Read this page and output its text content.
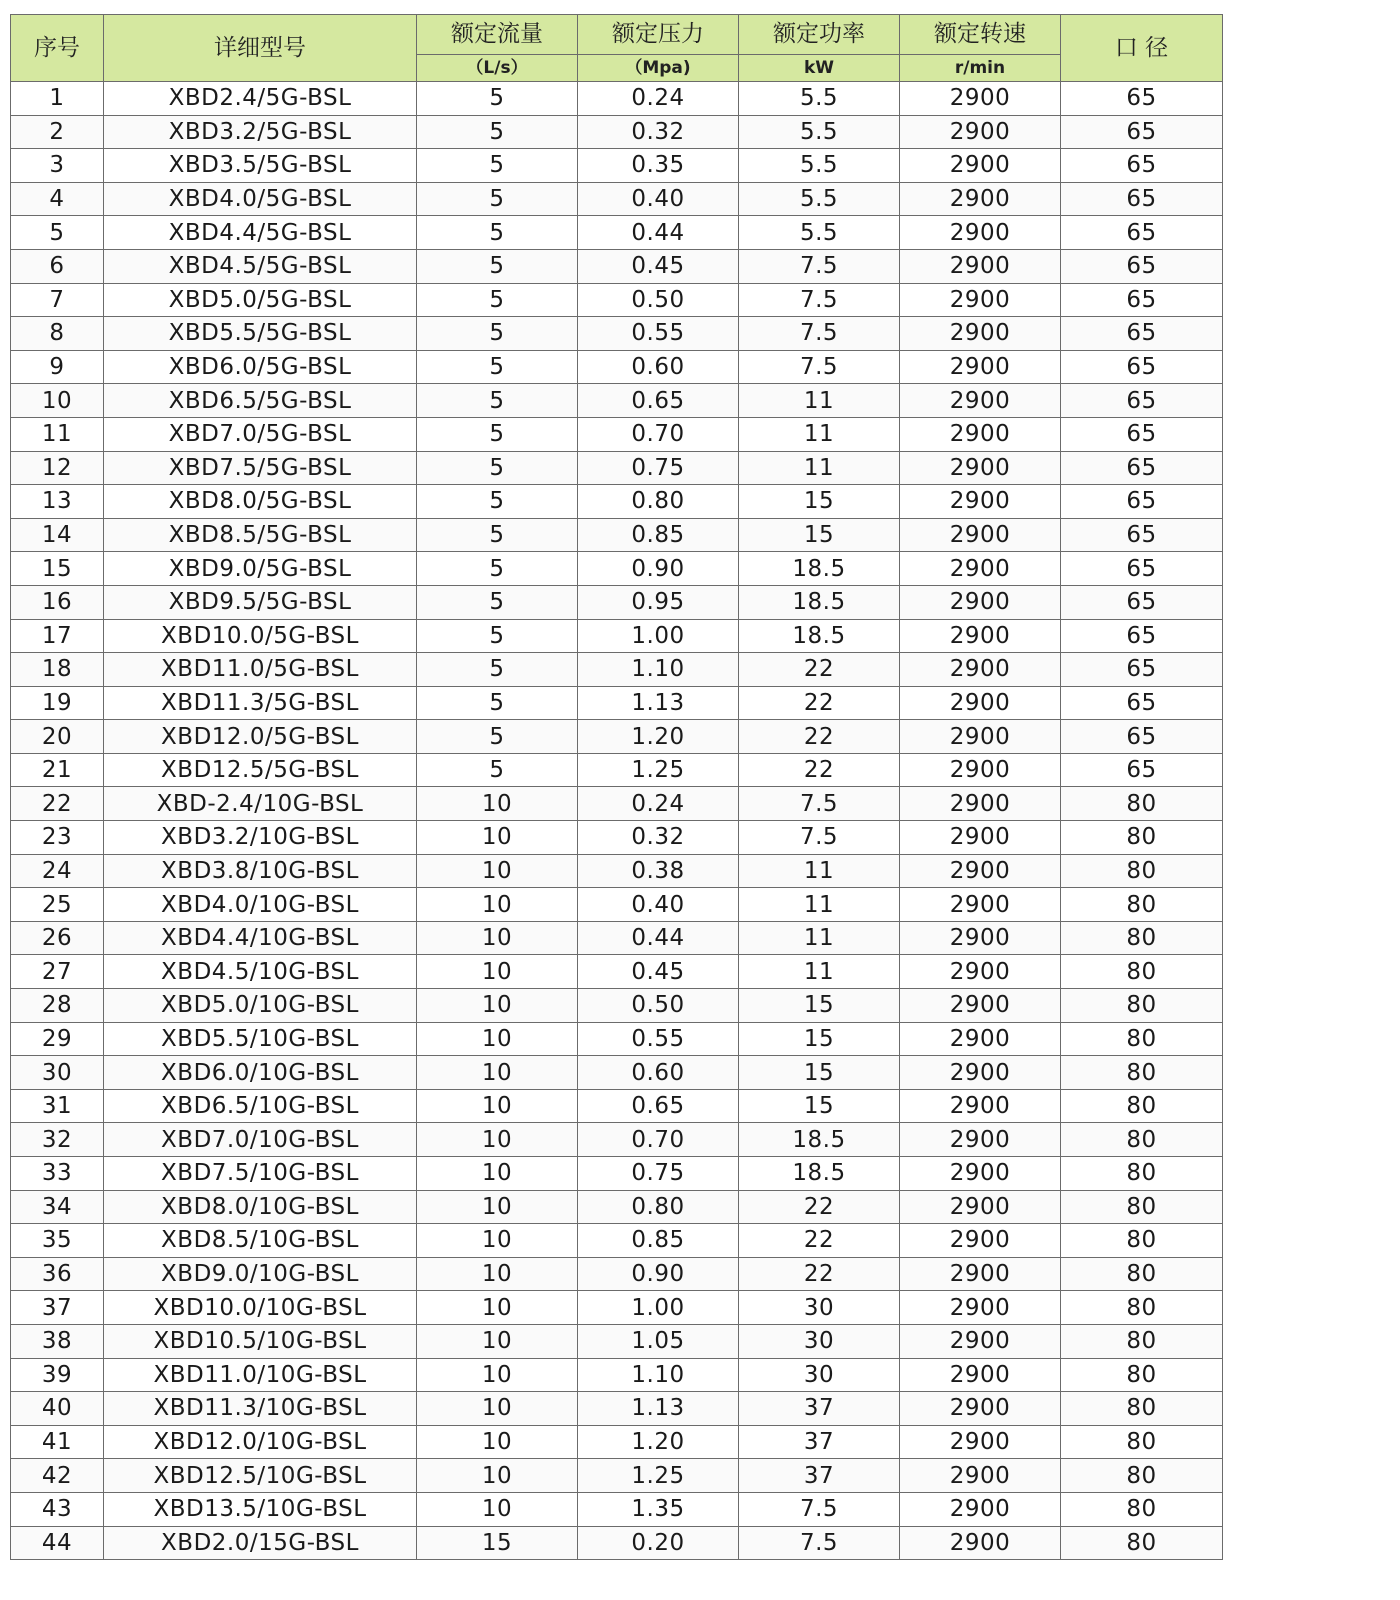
序号	详细型号	额定流量	额定压力	额定功率	额定转速	口 径
		（L/s）	（Mpa)	kW	r/min	
1	XBD2.4/5G-BSL	5	0.24	5.5	2900	65
2	XBD3.2/5G-BSL	5	0.32	5.5	2900	65
3	XBD3.5/5G-BSL	5	0.35	5.5	2900	65
4	XBD4.0/5G-BSL	5	0.40	5.5	2900	65
5	XBD4.4/5G-BSL	5	0.44	5.5	2900	65
6	XBD4.5/5G-BSL	5	0.45	7.5	2900	65
7	XBD5.0/5G-BSL	5	0.50	7.5	2900	65
8	XBD5.5/5G-BSL	5	0.55	7.5	2900	65
9	XBD6.0/5G-BSL	5	0.60	7.5	2900	65
10	XBD6.5/5G-BSL	5	0.65	11	2900	65
11	XBD7.0/5G-BSL	5	0.70	11	2900	65
12	XBD7.5/5G-BSL	5	0.75	11	2900	65
13	XBD8.0/5G-BSL	5	0.80	15	2900	65
14	XBD8.5/5G-BSL	5	0.85	15	2900	65
15	XBD9.0/5G-BSL	5	0.90	18.5	2900	65
16	XBD9.5/5G-BSL	5	0.95	18.5	2900	65
17	XBD10.0/5G-BSL	5	1.00	18.5	2900	65
18	XBD11.0/5G-BSL	5	1.10	22	2900	65
19	XBD11.3/5G-BSL	5	1.13	22	2900	65
20	XBD12.0/5G-BSL	5	1.20	22	2900	65
21	XBD12.5/5G-BSL	5	1.25	22	2900	65
22	XBD-2.4/10G-BSL	10	0.24	7.5	2900	80
23	XBD3.2/10G-BSL	10	0.32	7.5	2900	80
24	XBD3.8/10G-BSL	10	0.38	11	2900	80
25	XBD4.0/10G-BSL	10	0.40	11	2900	80
26	XBD4.4/10G-BSL	10	0.44	11	2900	80
27	XBD4.5/10G-BSL	10	0.45	11	2900	80
28	XBD5.0/10G-BSL	10	0.50	15	2900	80
29	XBD5.5/10G-BSL	10	0.55	15	2900	80
30	XBD6.0/10G-BSL	10	0.60	15	2900	80
31	XBD6.5/10G-BSL	10	0.65	15	2900	80
32	XBD7.0/10G-BSL	10	0.70	18.5	2900	80
33	XBD7.5/10G-BSL	10	0.75	18.5	2900	80
34	XBD8.0/10G-BSL	10	0.80	22	2900	80
35	XBD8.5/10G-BSL	10	0.85	22	2900	80
36	XBD9.0/10G-BSL	10	0.90	22	2900	80
37	XBD10.0/10G-BSL	10	1.00	30	2900	80
38	XBD10.5/10G-BSL	10	1.05	30	2900	80
39	XBD11.0/10G-BSL	10	1.10	30	2900	80
40	XBD11.3/10G-BSL	10	1.13	37	2900	80
41	XBD12.0/10G-BSL	10	1.20	37	2900	80
42	XBD12.5/10G-BSL	10	1.25	37	2900	80
43	XBD13.5/10G-BSL	10	1.35	7.5	2900	80
44	XBD2.0/15G-BSL	15	0.20	7.5	2900	80
